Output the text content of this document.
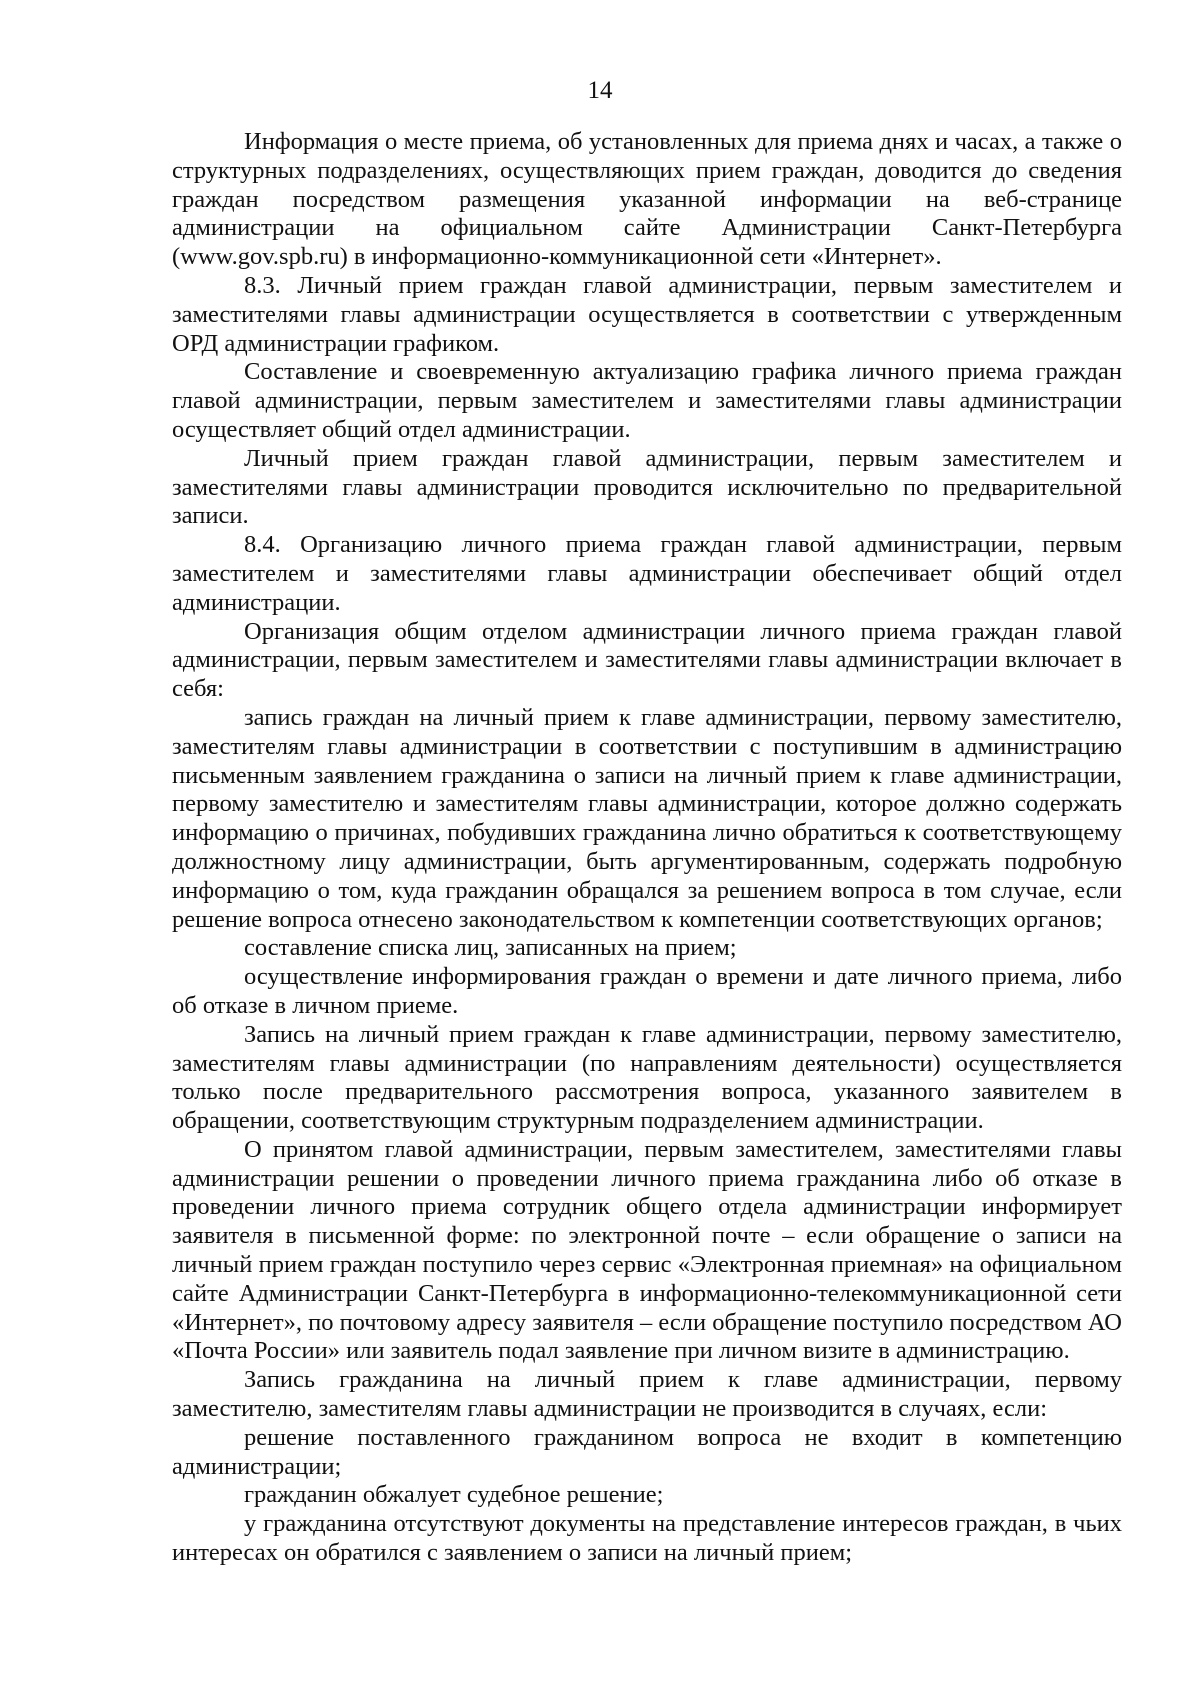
14

Информация о месте приема, об установленных для приема днях и часах, а также о структурных подразделениях, осуществляющих прием граждан, доводится до сведения граждан посредством размещения указанной информации на веб-странице администрации на официальном сайте Администрации Санкт-Петербурга (www.gov.spb.ru) в информационно-коммуникационной сети «Интернет».

8.3. Личный прием граждан главой администрации, первым заместителем и заместителями главы администрации осуществляется в соответствии с утвержденным ОРД администрации графиком.

Составление и своевременную актуализацию графика личного приема граждан главой администрации, первым заместителем и заместителями главы администрации осуществляет общий отдел администрации.

Личный прием граждан главой администрации, первым заместителем и заместителями главы администрации проводится исключительно по предварительной записи.

8.4. Организацию личного приема граждан главой администрации, первым заместителем и заместителями главы администрации обеспечивает общий отдел администрации.

Организация общим отделом администрации личного приема граждан главой администрации, первым заместителем и заместителями главы администрации включает в себя:

запись граждан на личный прием к главе администрации, первому заместителю, заместителям главы администрации в соответствии с поступившим в администрацию письменным заявлением гражданина о записи на личный прием к главе администрации, первому заместителю и заместителям главы администрации, которое должно содержать информацию о причинах, побудивших гражданина лично обратиться к соответствующему должностному лицу администрации, быть аргументированным, содержать подробную информацию о том, куда гражданин обращался за решением вопроса в том случае, если решение вопроса отнесено законодательством к компетенции соответствующих органов;

составление списка лиц, записанных на прием;

осуществление информирования граждан о времени и дате личного приема, либо об отказе в личном приеме.

Запись на личный прием граждан к главе администрации, первому заместителю, заместителям главы администрации (по направлениям деятельности) осуществляется только после предварительного рассмотрения вопроса, указанного заявителем в обращении, соответствующим структурным подразделением администрации.

О принятом главой администрации, первым заместителем, заместителями главы администрации решении о проведении личного приема гражданина либо об отказе в проведении личного приема сотрудник общего отдела администрации информирует заявителя в письменной форме: по электронной почте – если обращение о записи на личный прием граждан поступило через сервис «Электронная приемная» на официальном сайте Администрации Санкт-Петербурга в информационно-телекоммуникационной сети «Интернет», по почтовому адресу заявителя – если обращение поступило посредством АО «Почта России» или заявитель подал заявление при личном визите в администрацию.

Запись гражданина на личный прием к главе администрации, первому заместителю, заместителям главы администрации не производится в случаях, если:

решение поставленного гражданином вопроса не входит в компетенцию администрации;

гражданин обжалует судебное решение;

у гражданина отсутствуют документы на представление интересов граждан, в чьих интересах он обратился с заявлением о записи на личный прием;
